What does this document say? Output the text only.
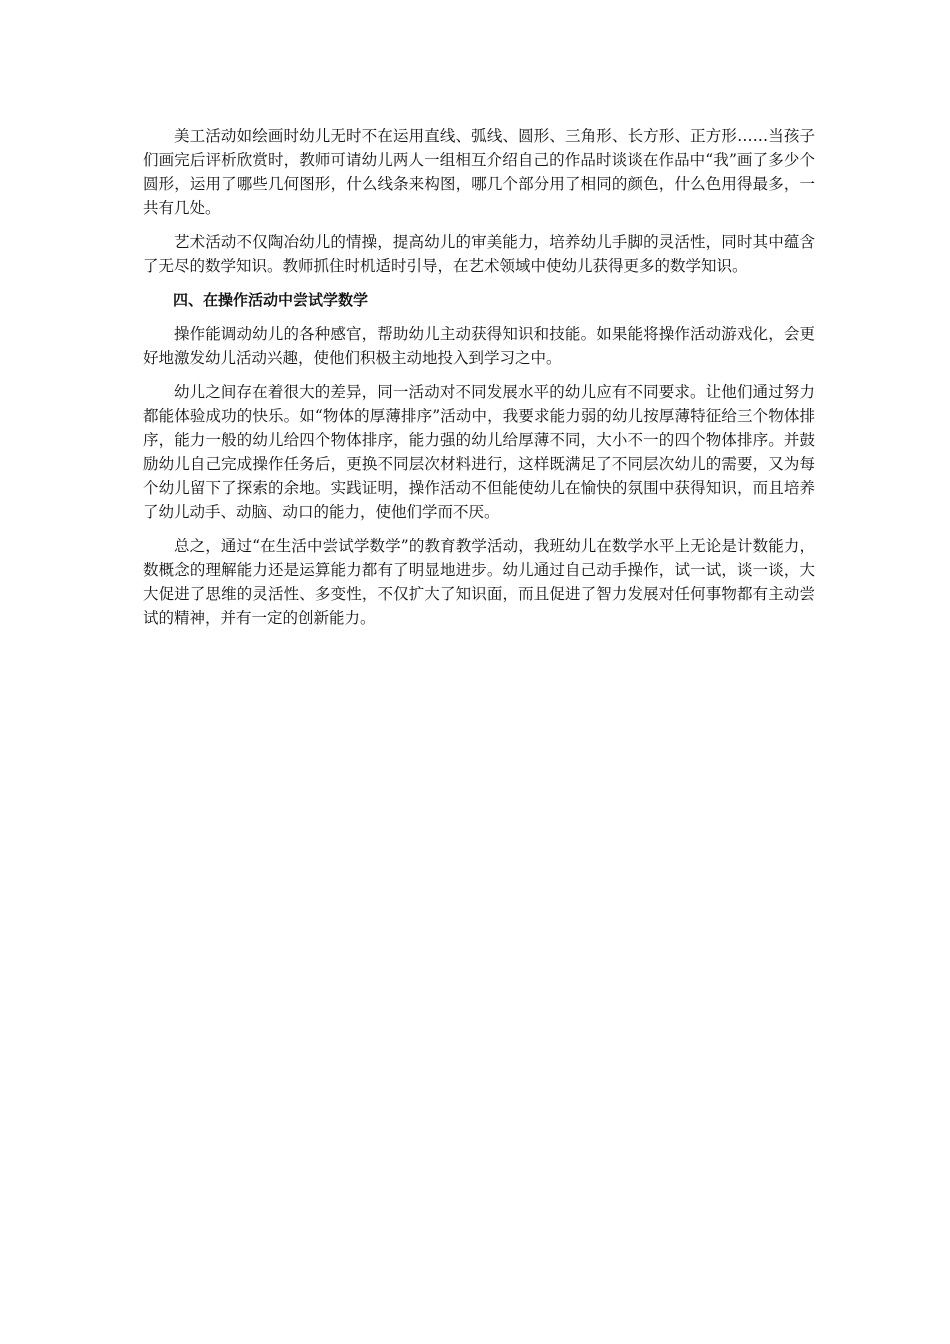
美工活动如绘画时幼儿无时不在运用直线、弧线、圆形、三角形、长方形、正方形……当孩子们画完后评析欣赏时，教师可请幼儿两人一组相互介绍自己的作品时谈谈在作品中“我”画了多少个圆形，运用了哪些几何图形，什么线条来构图，哪几个部分用了相同的颜色，什么色用得最多，一共有几处。

艺术活动不仅陶冶幼儿的情操，提高幼儿的审美能力，培养幼儿手脚的灵活性，同时其中蕴含了无尽的数学知识。教师抓住时机适时引导，在艺术领域中使幼儿获得更多的数学知识。

四、在操作活动中尝试学数学

操作能调动幼儿的各种感官，帮助幼儿主动获得知识和技能。如果能将操作活动游戏化，会更好地激发幼儿活动兴趣，使他们积极主动地投入到学习之中。

幼儿之间存在着很大的差异，同一活动对不同发展水平的幼儿应有不同要求。让他们通过努力都能体验成功的快乐。如“物体的厚薄排序”活动中，我要求能力弱的幼儿按厚薄特征给三个物体排序，能力一般的幼儿给四个物体排序，能力强的幼儿给厚薄不同，大小不一的四个物体排序。并鼓励幼儿自己完成操作任务后，更换不同层次材料进行，这样既满足了不同层次幼儿的需要，又为每个幼儿留下了探索的余地。实践证明，操作活动不但能使幼儿在愉快的氛围中获得知识，而且培养了幼儿动手、动脑、动口的能力，使他们学而不厌。

总之，通过“在生活中尝试学数学”的教育教学活动，我班幼儿在数学水平上无论是计数能力，数概念的理解能力还是运算能力都有了明显地进步。幼儿通过自己动手操作，试一试，谈一谈，大大促进了思维的灵活性、多变性，不仅扩大了知识面，而且促进了智力发展对任何事物都有主动尝试的精神，并有一定的创新能力。
